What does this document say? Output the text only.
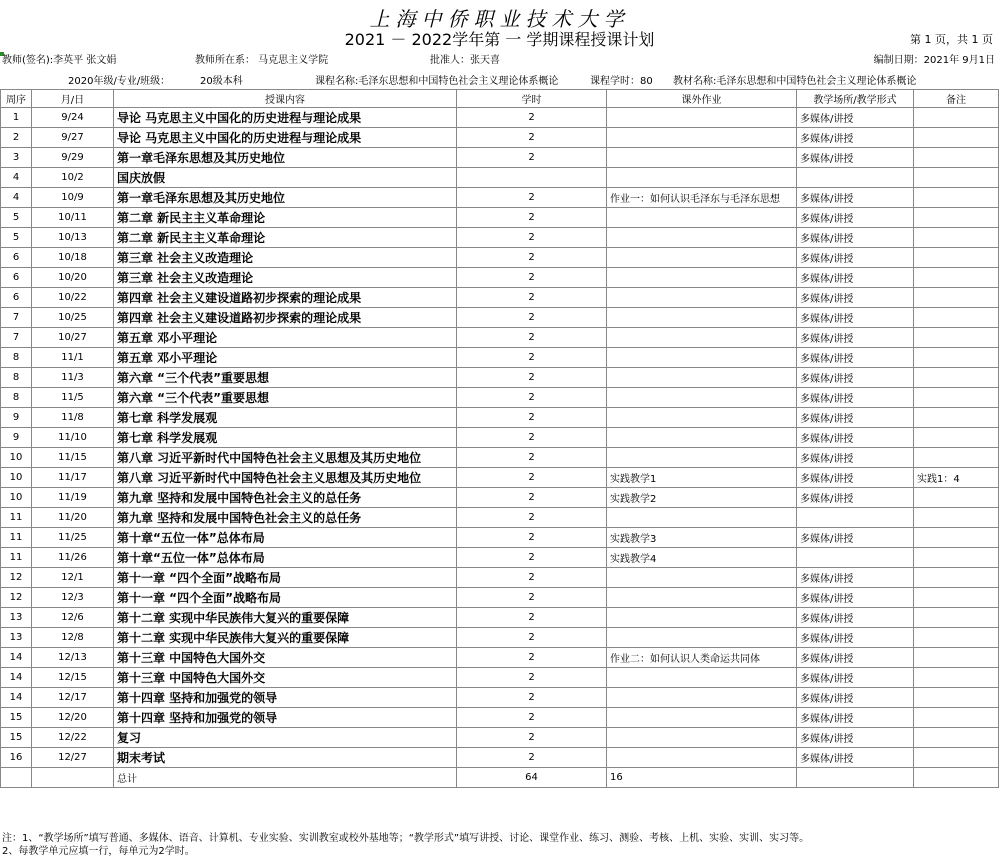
上海中侨职业技术大学
2021 － 2022学年第 一 学期课程授课计划	第 1 页，共 1 页
教师(签名):李英平 张文娟	教师所在系： 马克思主义学院	批准人：张天喜	编制日期：2021年 9月1日
2020年级/专业/班级：	20级本科	课程名称:毛泽东思想和中国特色社会主义理论体系概论	课程学时：80 教材名称:毛泽东思想和中国特色社会主义理论体系概论
周序	月/日	授课内容	学时	课外作业	教学场所/教学形式	备注
1	9/24	导论 马克思主义中国化的历史进程与理论成果	2		多媒体/讲授	
2	9/27	导论 马克思主义中国化的历史进程与理论成果	2		多媒体/讲授	
3	9/29	第一章毛泽东思想及其历史地位	2		多媒体/讲授	
4	10/2	国庆放假				
4	10/9	第一章毛泽东思想及其历史地位	2	作业一：如何认识毛泽东与毛泽东思想	多媒体/讲授	
5	10/11	第二章 新民主主义革命理论	2		多媒体/讲授	
5	10/13	第二章 新民主主义革命理论	2		多媒体/讲授	
6	10/18	第三章 社会主义改造理论	2		多媒体/讲授	
6	10/20	第三章 社会主义改造理论	2		多媒体/讲授	
6	10/22	第四章 社会主义建设道路初步探索的理论成果	2		多媒体/讲授	
7	10/25	第四章 社会主义建设道路初步探索的理论成果	2		多媒体/讲授	
7	10/27	第五章 邓小平理论	2		多媒体/讲授	
8	11/1	第五章 邓小平理论	2		多媒体/讲授	
8	11/3	第六章 “三个代表”重要思想	2		多媒体/讲授	
8	11/5	第六章 “三个代表”重要思想	2		多媒体/讲授	
9	11/8	第七章 科学发展观	2		多媒体/讲授	
9	11/10	第七章 科学发展观	2		多媒体/讲授	
10	11/15	第八章 习近平新时代中国特色社会主义思想及其历史地位	2		多媒体/讲授	
10	11/17	第八章 习近平新时代中国特色社会主义思想及其历史地位	2	实践教学1	多媒体/讲授	实践1：4
10	11/19	第九章 坚持和发展中国特色社会主义的总任务	2	实践教学2	多媒体/讲授	
11	11/20	第九章 坚持和发展中国特色社会主义的总任务	2			
11	11/25	第十章“五位一体”总体布局	2	实践教学3	多媒体/讲授	
11	11/26	第十章“五位一体”总体布局	2	实践教学4		
12	12/1	第十一章 “四个全面”战略布局	2		多媒体/讲授	
12	12/3	第十一章 “四个全面”战略布局	2		多媒体/讲授	
13	12/6	第十二章 实现中华民族伟大复兴的重要保障	2		多媒体/讲授	
13	12/8	第十二章 实现中华民族伟大复兴的重要保障	2		多媒体/讲授	
14	12/13	第十三章 中国特色大国外交	2	作业二：如何认识人类命运共同体	多媒体/讲授	
14	12/15	第十三章 中国特色大国外交	2		多媒体/讲授	
14	12/17	第十四章 坚持和加强党的领导	2		多媒体/讲授	
15	12/20	第十四章 坚持和加强党的领导	2		多媒体/讲授	
15	12/22	复习	2		多媒体/讲授	
16	12/27	期末考试	2		多媒体/讲授	
		总计	64	16		
注：1、“教学场所”填写普通、多媒体、语音、计算机、专业实验、实训教室或校外基地等；“教学形式”填写讲授、讨论、课堂作业、练习、测验、考核、上机、实验、实训、实习等。
2、每教学单元应填一行，每单元为2学时。
